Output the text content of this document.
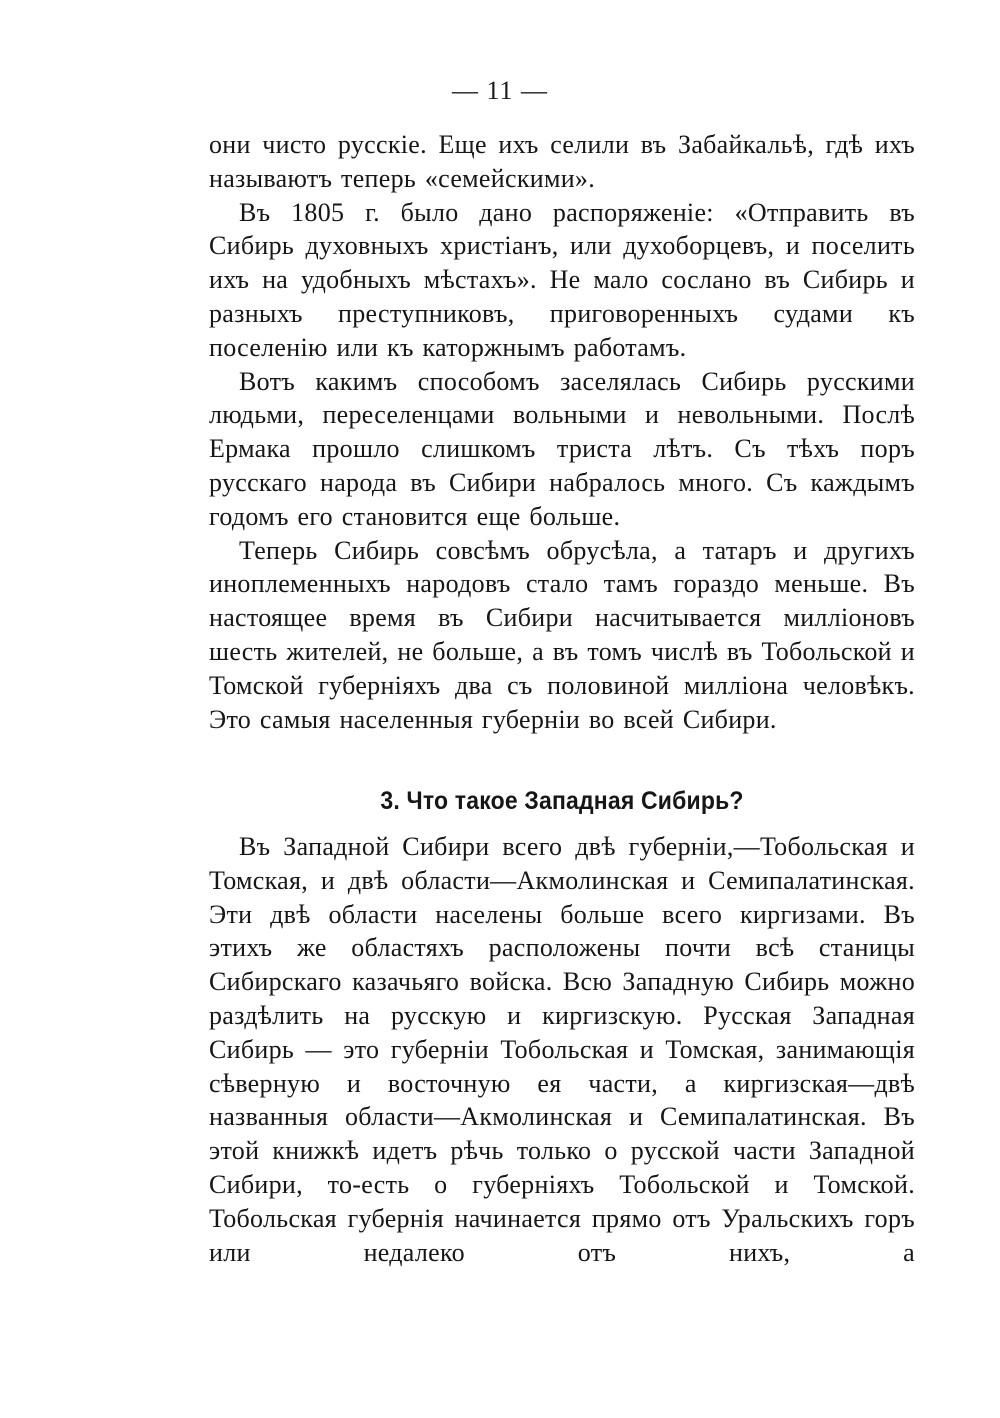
— 11 —

они чисто русскіе. Еще ихъ селили въ Забайкальѣ, гдѣ ихъ называютъ теперь «семейскими».

Въ 1805 г. было дано распоряженіе: «Отправить въ Сибирь духовныхъ христіанъ, или духоборцевъ, и поселить ихъ на удобныхъ мѣстахъ». Не мало сослано въ Сибирь и разныхъ преступниковъ, приговоренныхъ судами къ поселенію или къ каторжнымъ работамъ.

Вотъ какимъ способомъ заселялась Сибирь русскими людьми, переселенцами вольными и невольными. Послѣ Ермака прошло слишкомъ триста лѣтъ. Съ тѣхъ поръ русскаго народа въ Сибири набралось много. Съ каждымъ годомъ его становится еще больше.

Теперь Сибирь совсѣмъ обрусѣла, а татаръ и другихъ иноплеменныхъ народовъ стало тамъ гораздо меньше. Въ настоящее время въ Сибири насчитывается милліоновъ шесть жителей, не больше, а въ томъ числѣ въ Тобольской и Томской губерніяхъ два съ половиной милліона человѣкъ. Это самыя населенныя губерніи во всей Сибири.

3. Что такое Западная Сибирь?

Въ Западной Сибири всего двѣ губерніи,—Тобольская и Томская, и двѣ области—Акмолинская и Семипалатинская. Эти двѣ области населены больше всего киргизами. Въ этихъ же областяхъ расположены почти всѣ станицы Сибирскаго казачьяго войска. Всю Западную Сибирь можно раздѣлить на русскую и киргизскую. Русская Западная Сибирь — это губерніи Тобольская и Томская, занимающія сѣверную и восточную ея части, а киргизская—двѣ названныя области—Акмолинская и Семипалатинская. Въ этой книжкѣ идетъ рѣчь только о русской части Западной Сибири, то-есть о губерніяхъ Тобольской и Томской. Тобольская губернія начинается прямо отъ Уральскихъ горъ или недалеко отъ нихъ, а
